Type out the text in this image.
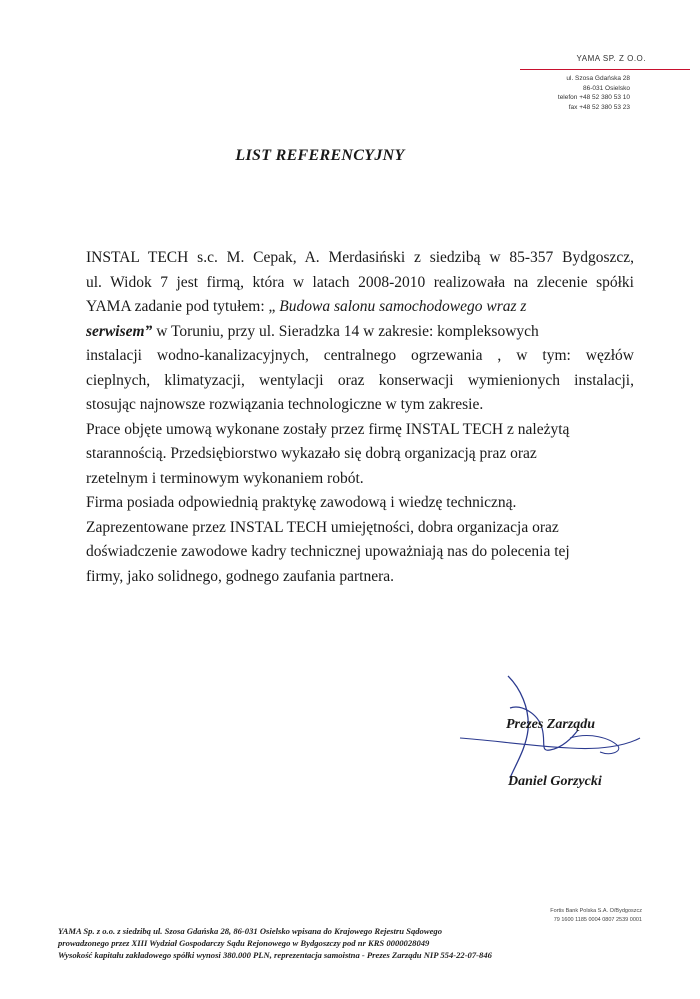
YAMA SP. Z O.O.
ul. Szosa Gdańska 28
86-031 Osielsko
telefon +48 52 380 53 10
fax +48 52 380 53 23
LIST REFERENCYJNY
INSTAL TECH s.c. M. Cepak, A. Merdasiński z siedzibą w 85-357 Bydgoszcz,
ul. Widok 7 jest firmą, która w latach 2008-2010 realizowała na zlecenie spółki
YAMA zadanie pod tytułem: „ Budowa salonu samochodowego wraz z
serwisem” w Toruniu, przy ul. Sieradzka 14 w zakresie: kompleksowych
instalacji wodno-kanalizacyjnych, centralnego ogrzewania , w tym: węzłów
cieplnych, klimatyzacji, wentylacji oraz konserwacji wymienionych instalacji,
stosując najnowsze rozwiązania technologiczne w tym zakresie.
Prace objęte umową wykonane zostały przez firmę INSTAL TECH z należytą
starannością. Przedsiębiorstwo wykazało się dobrą organizacją praz oraz
rzetelnym i terminowym wykonaniem robót.
Firma posiada odpowiednią praktykę zawodową i wiedzę techniczną.
Zaprezentowane przez INSTAL TECH umiejętności, dobra organizacja oraz
doświadczenie zawodowe kadry technicznej upoważniają nas do polecenia tej
firmy, jako solidnego, godnego zaufania partnera.
Prezes Zarządu
Daniel Gorzycki
Fortis Bank Polska S.A. O/Bydgoszcz
79 1600 1185 0004 0807 2539 0001
YAMA Sp. z o.o. z siedzibą ul. Szosa Gdańska 28, 86-031 Osielsko wpisana do Krajowego Rejestru Sądowego
prowadzonego przez XIII Wydział Gospodarczy Sądu Rejonowego w Bydgoszczy pod nr KRS 0000028049
Wysokość kapitału zakładowego spółki wynosi 380.000 PLN, reprezentacja samoistna - Prezes Zarządu NIP 554-22-07-846
